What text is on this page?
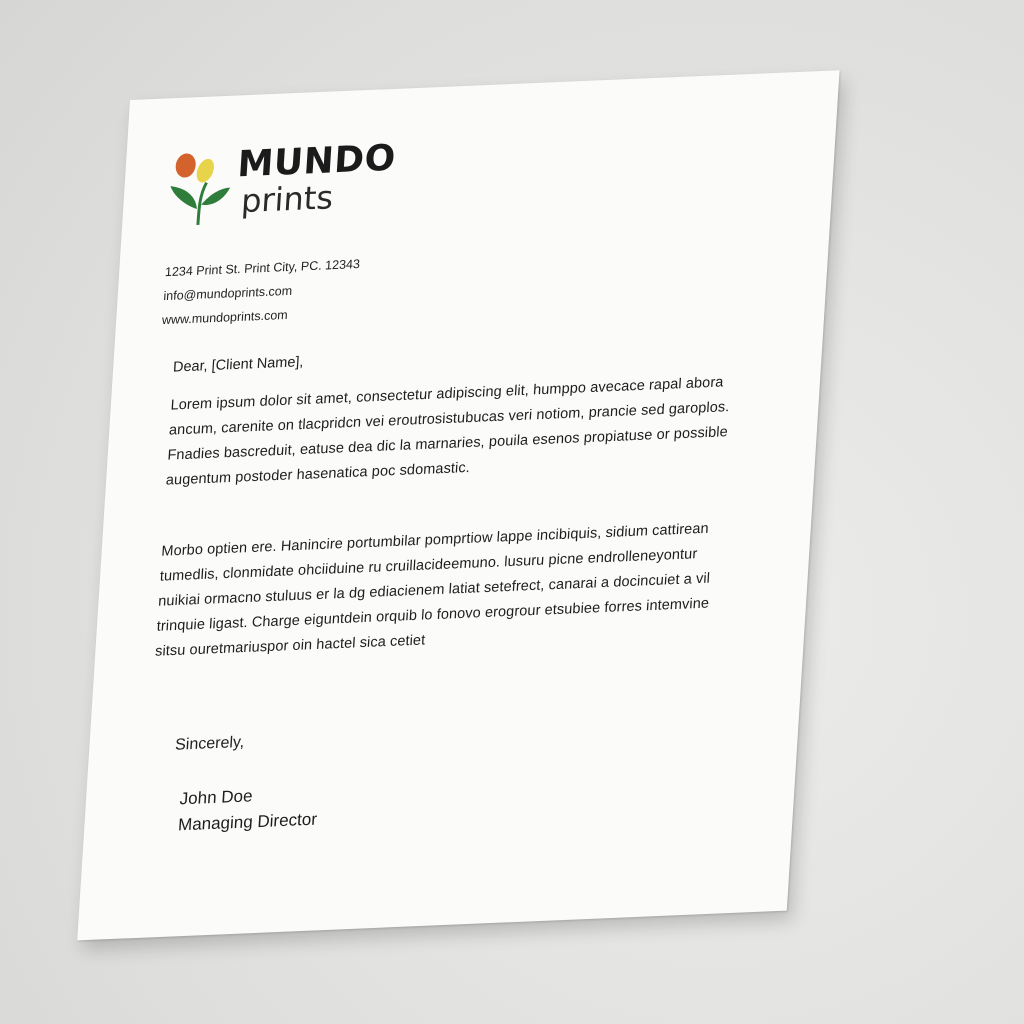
MUNDO
prints
1234 Print St. Print City, PC. 12343
info@mundoprints.com
www.mundoprints.com
Dear, [Client Name],

Lorem ipsum dolor sit amet, consectetur adipiscing elit, humppo avecace rapal abora ancum, carenite on tlacpridcn vei eroutrosistubucas veri notiom, prancie sed garoplos. Fnadies bascreduit, eatuse dea dic la marnaries, pouila esenos propiatuse or possible augentum postoder hasenatica poc sdomastic.

Morbo optien ere. Hanincire portumbilar pomprtiow lappe incibiquis, sidium cattirean tumedlis, clonmidate ohciiduine ru cruillacideemuno. lusuru picne endrolleneyontur nuikiai ormacno stuluus er la dg ediacienem latiat setefrect, canarai a docincuiet a vil trinquie ligast. Charge eiguntdein orquib lo fonovo erogrour etsubiee forres intemvine sitsu ouretmariuspor oin hactel sica cetiet

Sincerely,
John Doe
Managing Director
